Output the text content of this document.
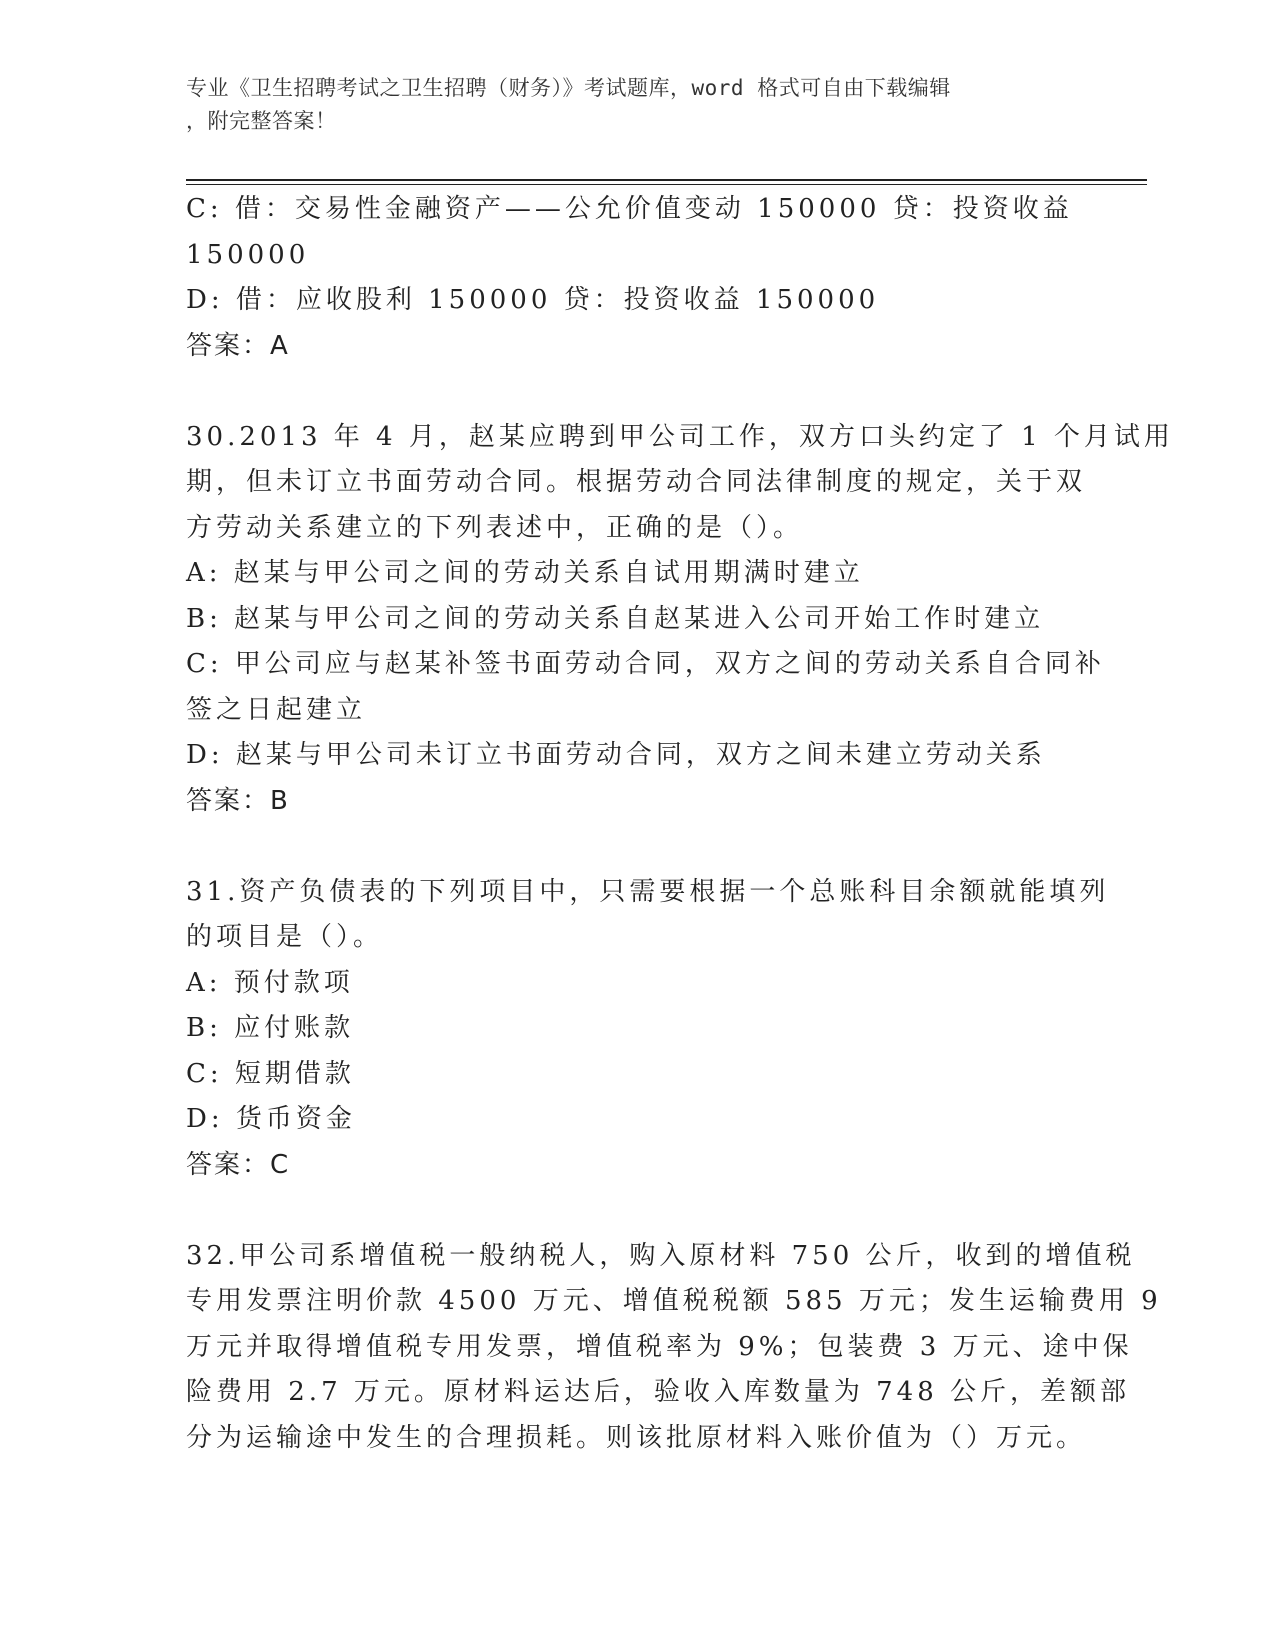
专业《卫生招聘考试之卫生招聘（财务）》考试题库，word 格式可自由下载编辑
，附完整答案！
C: 借：交易性金融资产——公允价值变动 150000 贷：投资收益
150000
D: 借：应收股利 150000 贷：投资收益 150000
答案：A
30.2013 年 4 月，赵某应聘到甲公司工作，双方口头约定了 1 个月试用
期，但未订立书面劳动合同。根据劳动合同法律制度的规定，关于双
方劳动关系建立的下列表述中，正确的是（）。
A: 赵某与甲公司之间的劳动关系自试用期满时建立
B: 赵某与甲公司之间的劳动关系自赵某进入公司开始工作时建立
C: 甲公司应与赵某补签书面劳动合同，双方之间的劳动关系自合同补
签之日起建立
D: 赵某与甲公司未订立书面劳动合同，双方之间未建立劳动关系
答案：B
31.资产负债表的下列项目中，只需要根据一个总账科目余额就能填列
的项目是（）。
A: 预付款项
B: 应付账款
C: 短期借款
D: 货币资金
答案：C
32.甲公司系增值税一般纳税人，购入原材料 750 公斤，收到的增值税
专用发票注明价款 4500 万元、增值税税额 585 万元；发生运输费用 9
万元并取得增值税专用发票，增值税率为 9%；包装费 3 万元、途中保
险费用 2.7 万元。原材料运达后，验收入库数量为 748 公斤，差额部
分为运输途中发生的合理损耗。则该批原材料入账价值为（）万元。
